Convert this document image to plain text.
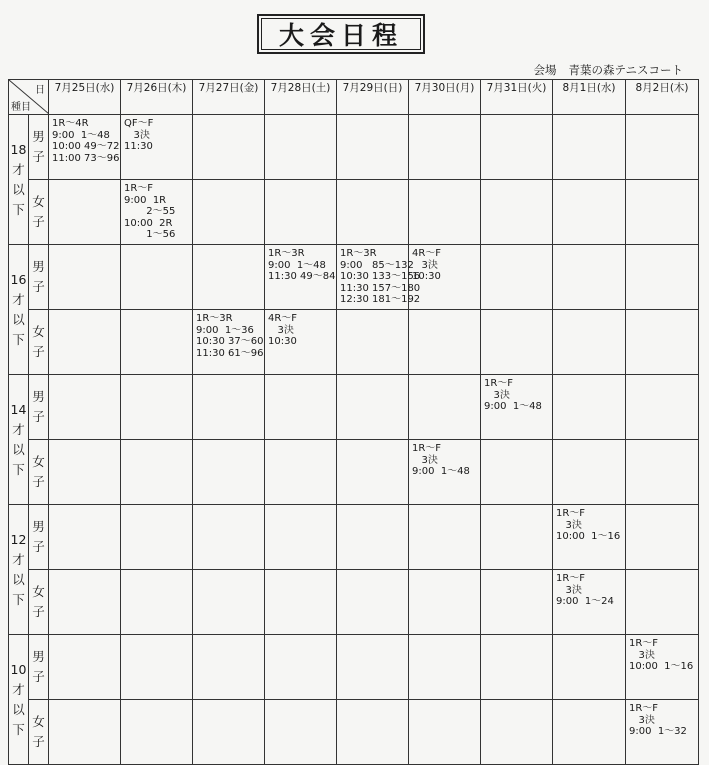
大会日程
会場 青葉の森テニスコート
日
種目		7月25日(水)	7月26日(木)	7月27日(金)	7月28日(土)	7月29日(日)	7月30日(月)	7月31日(火)	8月1日(水)	8月2日(木)

18
才
以
下	男
子	1R～4R
9:00  1～48
10:00 49～72
11:00 73～96	QF～F
3決
11:30							

	女
子		1R～F
9:00  1R
2～55
10:00  2R
1～56							

16
才
以
下	男
子				1R～3R
9:00  1～48
11:30 49～84	1R～3R
9:00   85～132
10:30 133～156
11:30 157～180
12:30 181～192	4R～F
3決
10:30			

	女
子			1R～3R
9:00  1～36
10:30 37～60
11:30 61～96	4R～F
3決
10:30					

14
才
以
下	男
子							1R～F
3決
9:00  1～48		

	女
子						1R～F
3決
9:00  1～48			

12
才
以
下	男
子								1R～F
3決
10:00  1～16	

	女
子								1R～F
3決
9:00  1～24	

10
才
以
下	男
子									1R～F
3決
10:00  1～16

	女
子									1R～F
3決
9:00  1～32
